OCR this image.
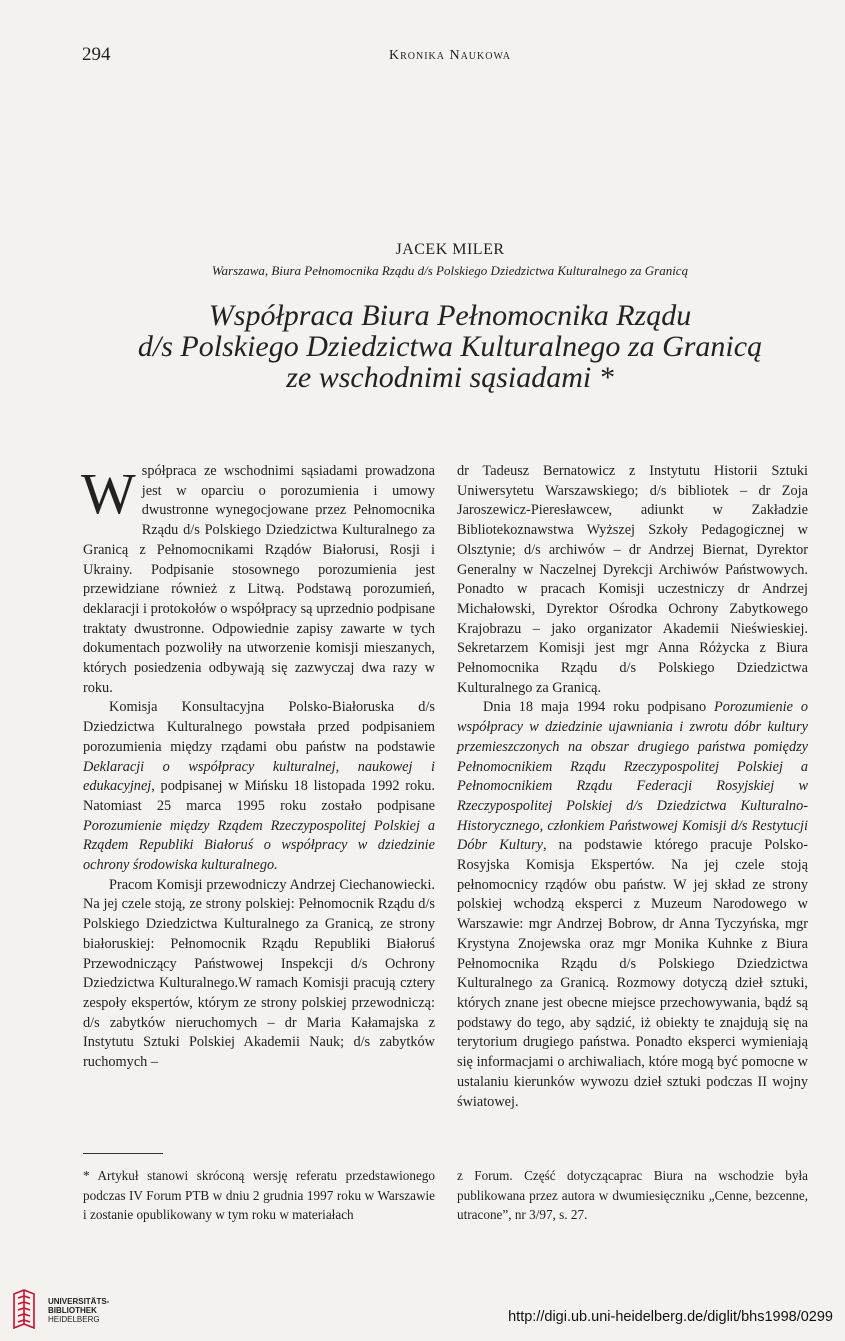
294	Kronika Naukowa
JACEK MILER
Warszawa, Biura Pełnomocnika Rządu d/s Polskiego Dziedzictwa Kulturalnego za Granicą
Współpraca Biura Pełnomocnika Rządu
d/s Polskiego Dziedzictwa Kulturalnego za Granicą
ze wschodnimi sąsiadami *

Współpraca ze wschodnimi sąsiadami prowadzona jest w oparciu o porozumienia i umowy dwustronne wynegocjowane przez Pełnomocnika Rządu d/s Polskiego Dziedzictwa Kulturalnego za Granicą z Pełnomocnikami Rządów Białorusi, Rosji i Ukrainy. Podpisanie stosownego porozumienia jest przewidziane również z Litwą. Podstawą porozumień, deklaracji i protokołów o współpracy są uprzednio podpisane traktaty dwustronne. Odpowiednie zapisy zawarte w tych dokumentach pozwoliły na utworzenie komisji mieszanych, których posiedzenia odbywają się zazwyczaj dwa razy w roku.

Komisja Konsultacyjna Polsko-Białoruska d/s Dziedzictwa Kulturalnego powstała przed podpisaniem porozumienia między rządami obu państw na podstawie Deklaracji o współpracy kulturalnej, naukowej i edukacyjnej, podpisanej w Mińsku 18 listopada 1992 roku. Natomiast 25 marca 1995 roku zostało podpisane Porozumienie między Rządem Rzeczypospolitej Polskiej a Rządem Republiki Białoruś o współpracy w dziedzinie ochrony środowiska kulturalnego.

Pracom Komisji przewodniczy Andrzej Ciechanowiecki. Na jej czele stoją, ze strony polskiej: Pełnomocnik Rządu d/s Polskiego Dziedzictwa Kulturalnego za Granicą, ze strony białoruskiej: Pełnomocnik Rządu Republiki Białoruś Przewodniczący Państwowej Inspekcji d/s Ochrony Dziedzictwa Kulturalnego.W ramach Komisji pracują cztery zespoły ekspertów, którym ze strony polskiej przewodniczą: d/s zabytków nieruchomych – dr Maria Kałamajska z Instytutu Sztuki Polskiej Akademii Nauk; d/s zabytków ruchomych –

dr Tadeusz Bernatowicz z Instytutu Historii Sztuki Uniwersytetu Warszawskiego; d/s bibliotek – dr Zoja Jaroszewicz-Pieresławcew, adiunkt w Zakładzie Bibliotekoznawstwa Wyższej Szkoły Pedagogicznej w Olsztynie; d/s archiwów – dr Andrzej Biernat, Dyrektor Generalny w Naczelnej Dyrekcji Archiwów Państwowych. Ponadto w pracach Komisji uczestniczy dr Andrzej Michałowski, Dyrektor Ośrodka Ochrony Zabytkowego Krajobrazu – jako organizator Akademii Nieświeskiej. Sekretarzem Komisji jest mgr Anna Różycka z Biura Pełnomocnika Rządu d/s Polskiego Dziedzictwa Kulturalnego za Granicą.

Dnia 18 maja 1994 roku podpisano Porozumienie o współpracy w dziedzinie ujawniania i zwrotu dóbr kultury przemieszczonych na obszar drugiego państwa pomiędzy Pełnomocnikiem Rządu Rzeczypospolitej Polskiej a Pełnomocnikiem Rządu Federacji Rosyjskiej w Rzeczypospolitej Polskiej d/s Dziedzictwa Kulturalno-Historycznego, członkiem Państwowej Komisji d/s Restytucji Dóbr Kultury, na podstawie którego pracuje Polsko-Rosyjska Komisja Ekspertów. Na jej czele stoją pełnomocnicy rządów obu państw. W jej skład ze strony polskiej wchodzą eksperci z Muzeum Narodowego w Warszawie: mgr Andrzej Bobrow, dr Anna Tyczyńska, mgr Krystyna Znojewska oraz mgr Monika Kuhnke z Biura Pełnomocnika Rządu d/s Polskiego Dziedzictwa Kulturalnego za Granicą. Rozmowy dotyczą dzieł sztuki, których znane jest obecne miejsce przechowywania, bądź są podstawy do tego, aby sądzić, iż obiekty te znajdują się na terytorium drugiego państwa. Ponadto eksperci wymieniają się informacjami o archiwaliach, które mogą być pomocne w ustalaniu kierunków wywozu dzieł sztuki podczas II wojny światowej.

* Artykuł stanowi skróconą wersję referatu przedstawionego podczas IV Forum PTB w dniu 2 grudnia 1997 roku w Warszawie i zostanie opublikowany w tym roku w materiałach
z Forum. Część dotyczącaprac Biura na wschodzie była publikowana przez autora w dwumiesięczniku „Cenne, bezcenne, utracone”, nr 3/97, s. 27.
UNIVERSITÄTS-
BIBLIOTHEK
HEIDELBERG	http://digi.ub.uni-heidelberg.de/diglit/bhs1998/0299
